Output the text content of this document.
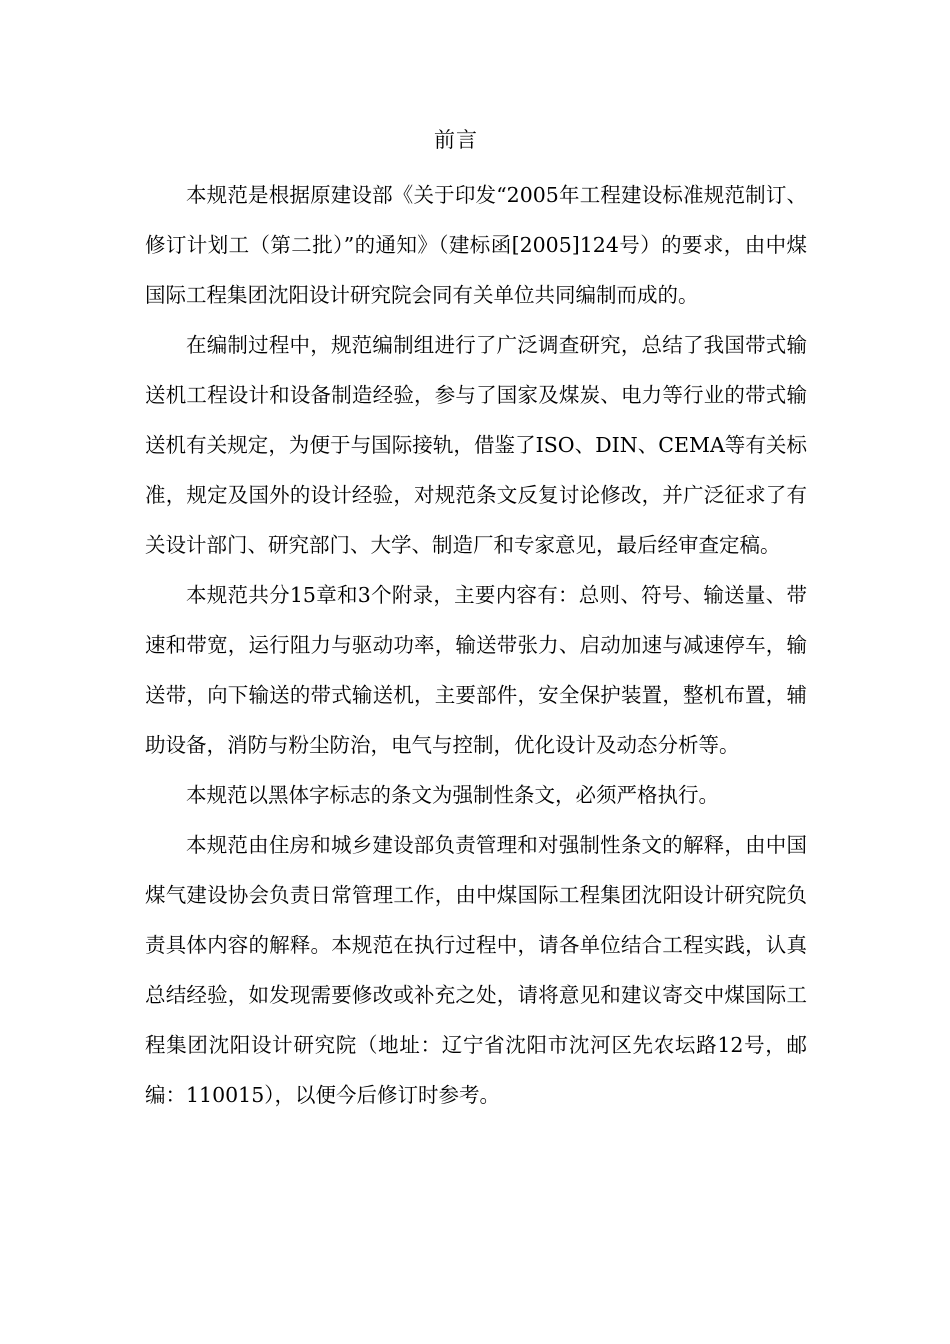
前言

本规范是根据原建设部《关于印发“2005年工程建设标准规范制订、修订计划工（第二批）”的通知》（建标函[2005]124号）的要求，由中煤国际工程集团沈阳设计研究院会同有关单位共同编制而成的。

在编制过程中，规范编制组进行了广泛调查研究，总结了我国带式输送机工程设计和设备制造经验，参与了国家及煤炭、电力等行业的带式输送机有关规定，为便于与国际接轨，借鉴了ISO、DIN、CEMA等有关标准，规定及国外的设计经验，对规范条文反复讨论修改，并广泛征求了有关设计部门、研究部门、大学、制造厂和专家意见，最后经审查定稿。

本规范共分15章和3个附录，主要内容有：总则、符号、输送量、带速和带宽，运行阻力与驱动功率，输送带张力、启动加速与减速停车，输送带，向下输送的带式输送机，主要部件，安全保护装置，整机布置，辅助设备，消防与粉尘防治，电气与控制，优化设计及动态分析等。

本规范以黑体字标志的条文为强制性条文，必须严格执行。

本规范由住房和城乡建设部负责管理和对强制性条文的解释，由中国煤气建设协会负责日常管理工作，由中煤国际工程集团沈阳设计研究院负责具体内容的解释。本规范在执行过程中，请各单位结合工程实践，认真总结经验，如发现需要修改或补充之处，请将意见和建议寄交中煤国际工程集团沈阳设计研究院（地址：辽宁省沈阳市沈河区先农坛路12号，邮编：110015），以便今后修订时参考。
